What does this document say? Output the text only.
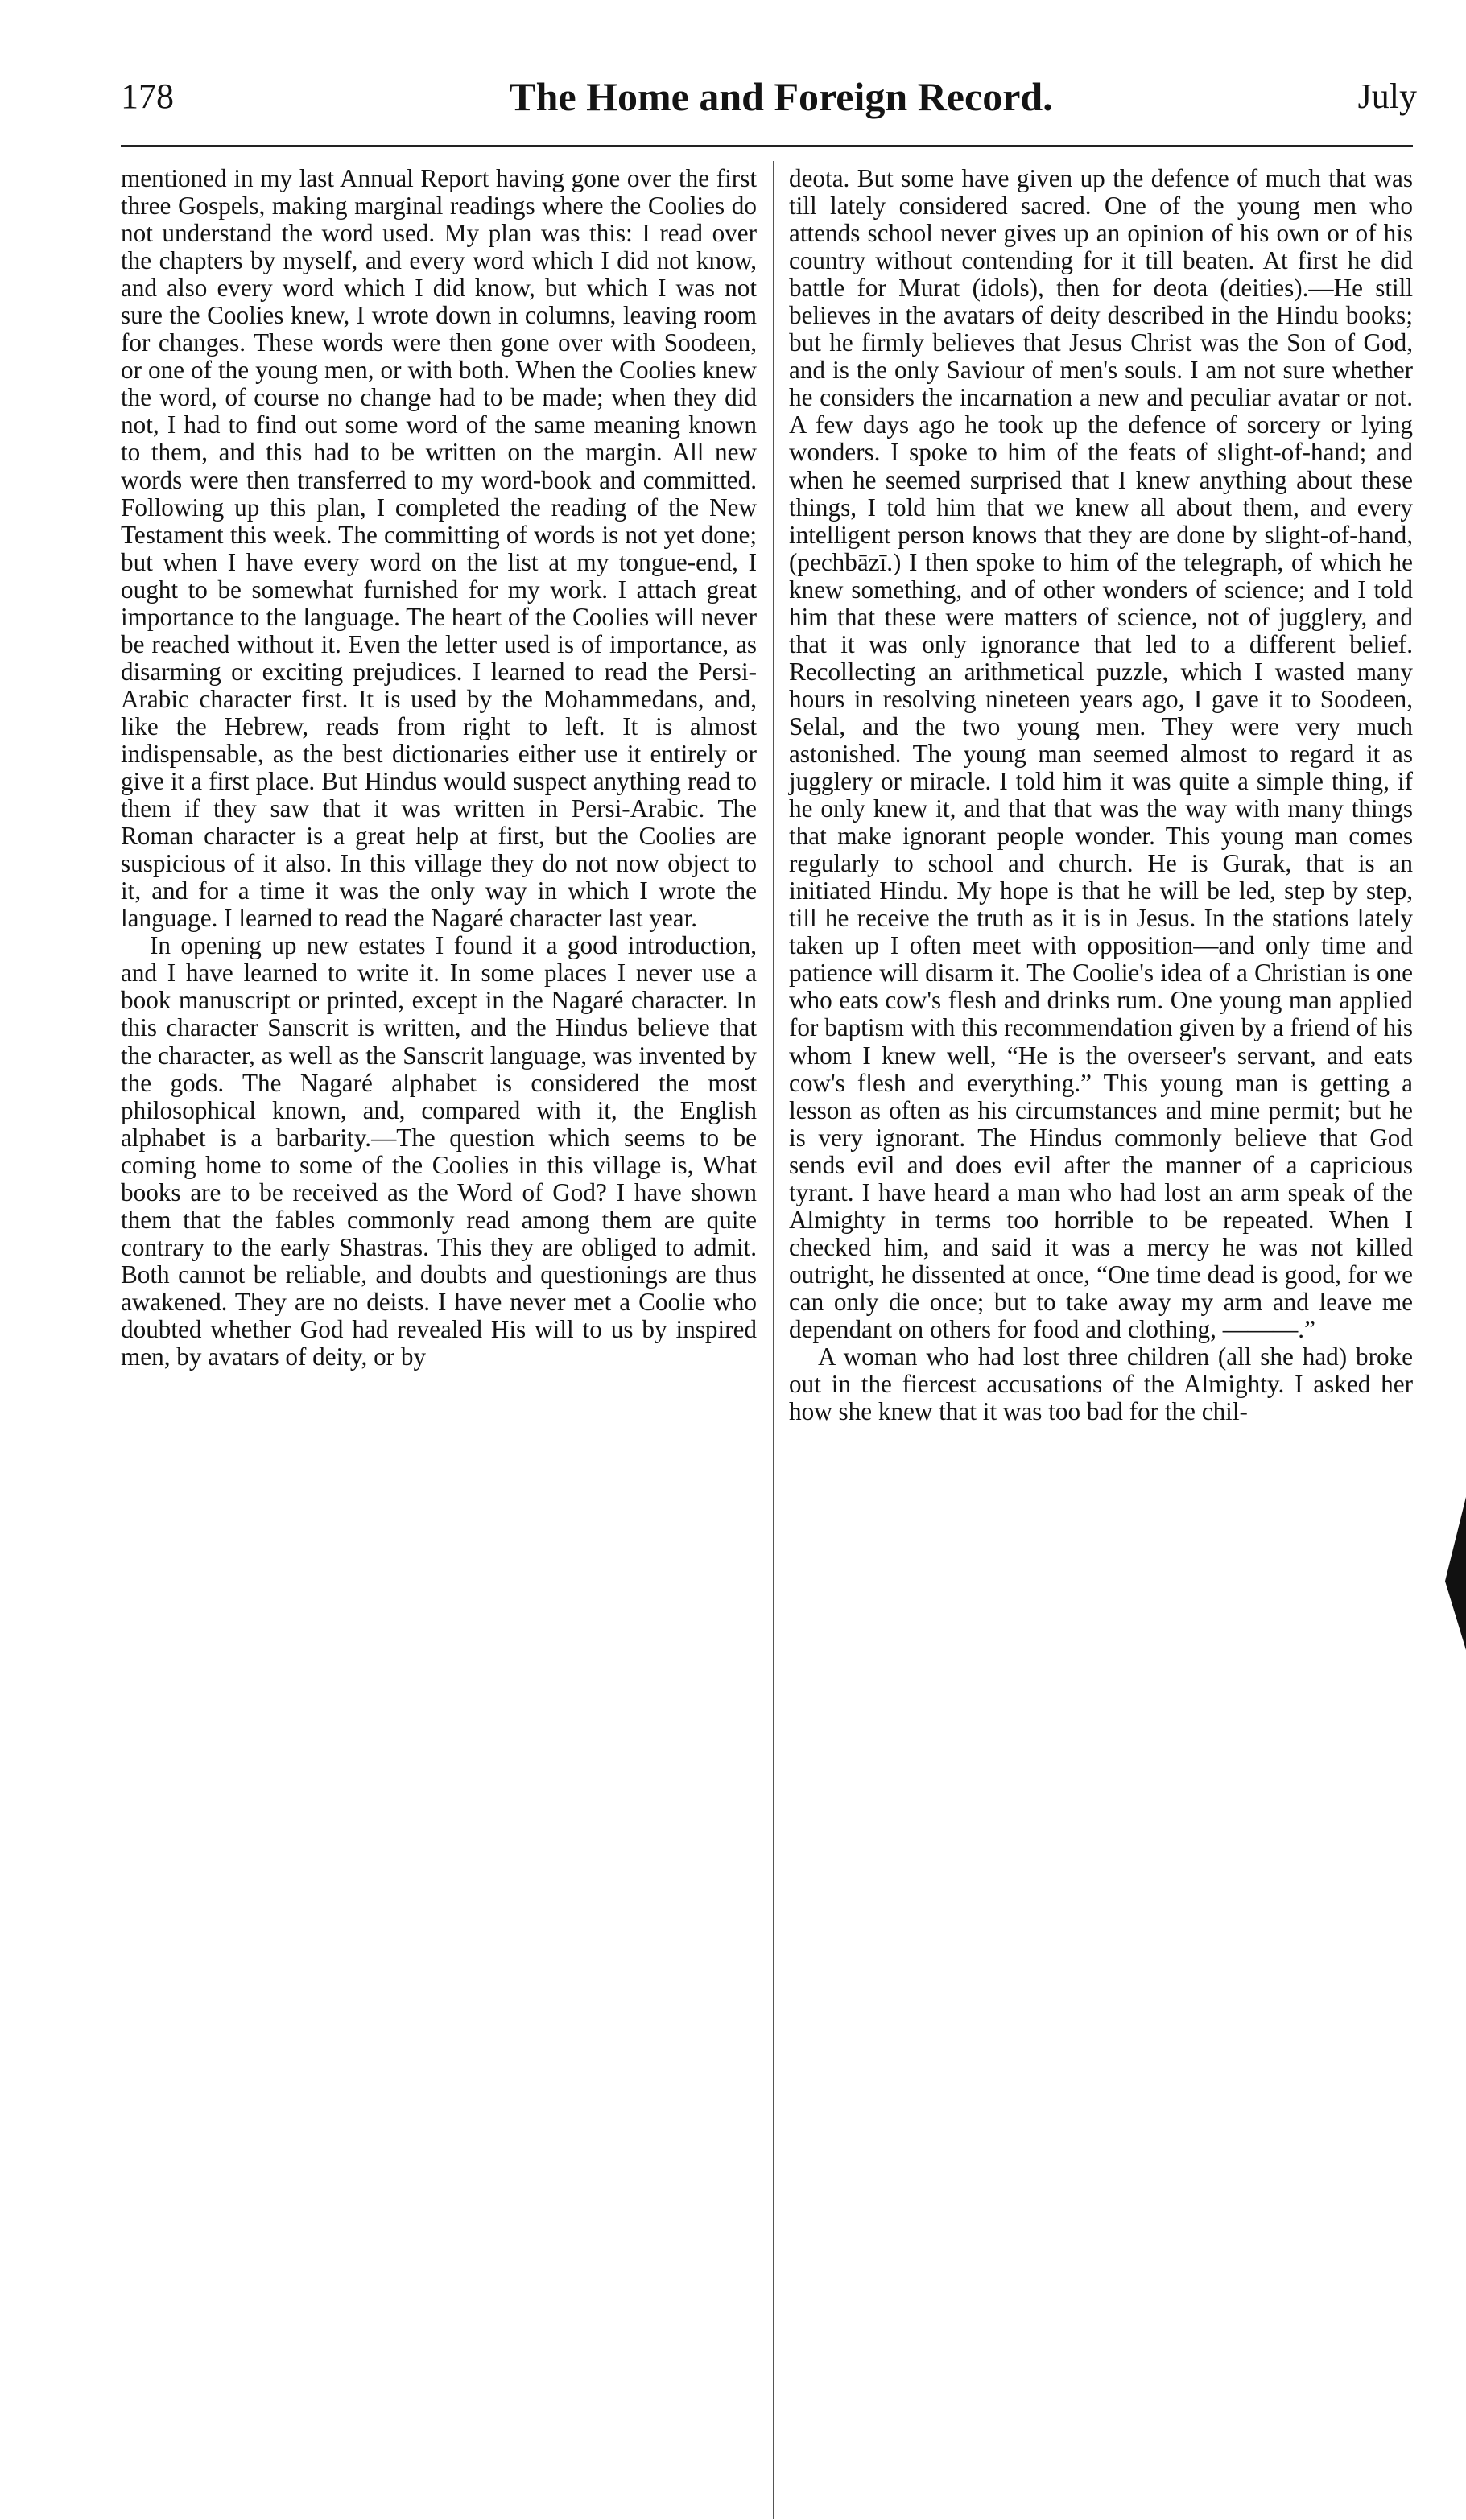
178	The Home and Foreign Record.	July

mentioned in my last Annual Report having gone over the first three Gospels, making marginal readings where the Coolies do not understand the word used. My plan was this: I read over the chapters by myself, and every word which I did not know, and also every word which I did know, but which I was not sure the Coolies knew, I wrote down in columns, leaving room for changes. These words were then gone over with Soodeen, or one of the young men, or with both. When the Coolies knew the word, of course no change had to be made; when they did not, I had to find out some word of the same meaning known to them, and this had to be written on the margin. All new words were then transferred to my word-book and committed. Following up this plan, I completed the reading of the New Testament this week. The committing of words is not yet done; but when I have every word on the list at my tongue-end, I ought to be somewhat furnished for my work. I attach great importance to the language. The heart of the Coolies will never be reached without it. Even the letter used is of importance, as disarming or exciting prejudices. I learned to read the Persi-Arabic character first. It is used by the Mohammedans, and, like the Hebrew, reads from right to left. It is almost indispensable, as the best dictionaries either use it entirely or give it a first place. But Hindus would suspect anything read to them if they saw that it was written in Persi-Arabic. The Roman character is a great help at first, but the Coolies are suspicious of it also. In this village they do not now object to it, and for a time it was the only way in which I wrote the language. I learned to read the Nagaré character last year.

In opening up new estates I found it a good introduction, and I have learned to write it. In some places I never use a book manuscript or printed, except in the Nagaré character. In this character Sanscrit is written, and the Hindus believe that the character, as well as the Sanscrit language, was invented by the gods. The Nagaré alphabet is considered the most philosophical known, and, compared with it, the English alphabet is a barbarity.—The question which seems to be coming home to some of the Coolies in this village is, What books are to be received as the Word of God? I have shown them that the fables commonly read among them are quite contrary to the early Shastras. This they are obliged to admit. Both cannot be reliable, and doubts and questionings are thus awakened. They are no deists. I have never met a Coolie who doubted whether God had revealed His will to us by inspired men, by avatars of deity, or by

deota. But some have given up the defence of much that was till lately considered sacred. One of the young men who attends school never gives up an opinion of his own or of his country without contending for it till beaten. At first he did battle for Murat (idols), then for deota (deities).—He still believes in the avatars of deity described in the Hindu books; but he firmly believes that Jesus Christ was the Son of God, and is the only Saviour of men's souls. I am not sure whether he considers the incarnation a new and peculiar avatar or not. A few days ago he took up the defence of sorcery or lying wonders. I spoke to him of the feats of slight-of-hand; and when he seemed surprised that I knew anything about these things, I told him that we knew all about them, and every intelligent person knows that they are done by slight-of-hand, (pechbāzī.) I then spoke to him of the telegraph, of which he knew something, and of other wonders of science; and I told him that these were matters of science, not of jugglery, and that it was only ignorance that led to a different belief. Recollecting an arithmetical puzzle, which I wasted many hours in resolving nineteen years ago, I gave it to Soodeen, Selal, and the two young men. They were very much astonished. The young man seemed almost to regard it as jugglery or miracle. I told him it was quite a simple thing, if he only knew it, and that that was the way with many things that make ignorant people wonder. This young man comes regularly to school and church. He is Gurak, that is an initiated Hindu. My hope is that he will be led, step by step, till he receive the truth as it is in Jesus. In the stations lately taken up I often meet with opposition—and only time and patience will disarm it. The Coolie's idea of a Christian is one who eats cow's flesh and drinks rum. One young man applied for baptism with this recommendation given by a friend of his whom I knew well, “He is the overseer's servant, and eats cow's flesh and everything.” This young man is getting a lesson as often as his circumstances and mine permit; but he is very ignorant. The Hindus commonly believe that God sends evil and does evil after the manner of a capricious tyrant. I have heard a man who had lost an arm speak of the Almighty in terms too horrible to be repeated. When I checked him, and said it was a mercy he was not killed outright, he dissented at once, “One time dead is good, for we can only die once; but to take away my arm and leave me dependant on others for food and clothing, ———.”

A woman who had lost three children (all she had) broke out in the fiercest accusations of the Almighty. I asked her how she knew that it was too bad for the chil-
